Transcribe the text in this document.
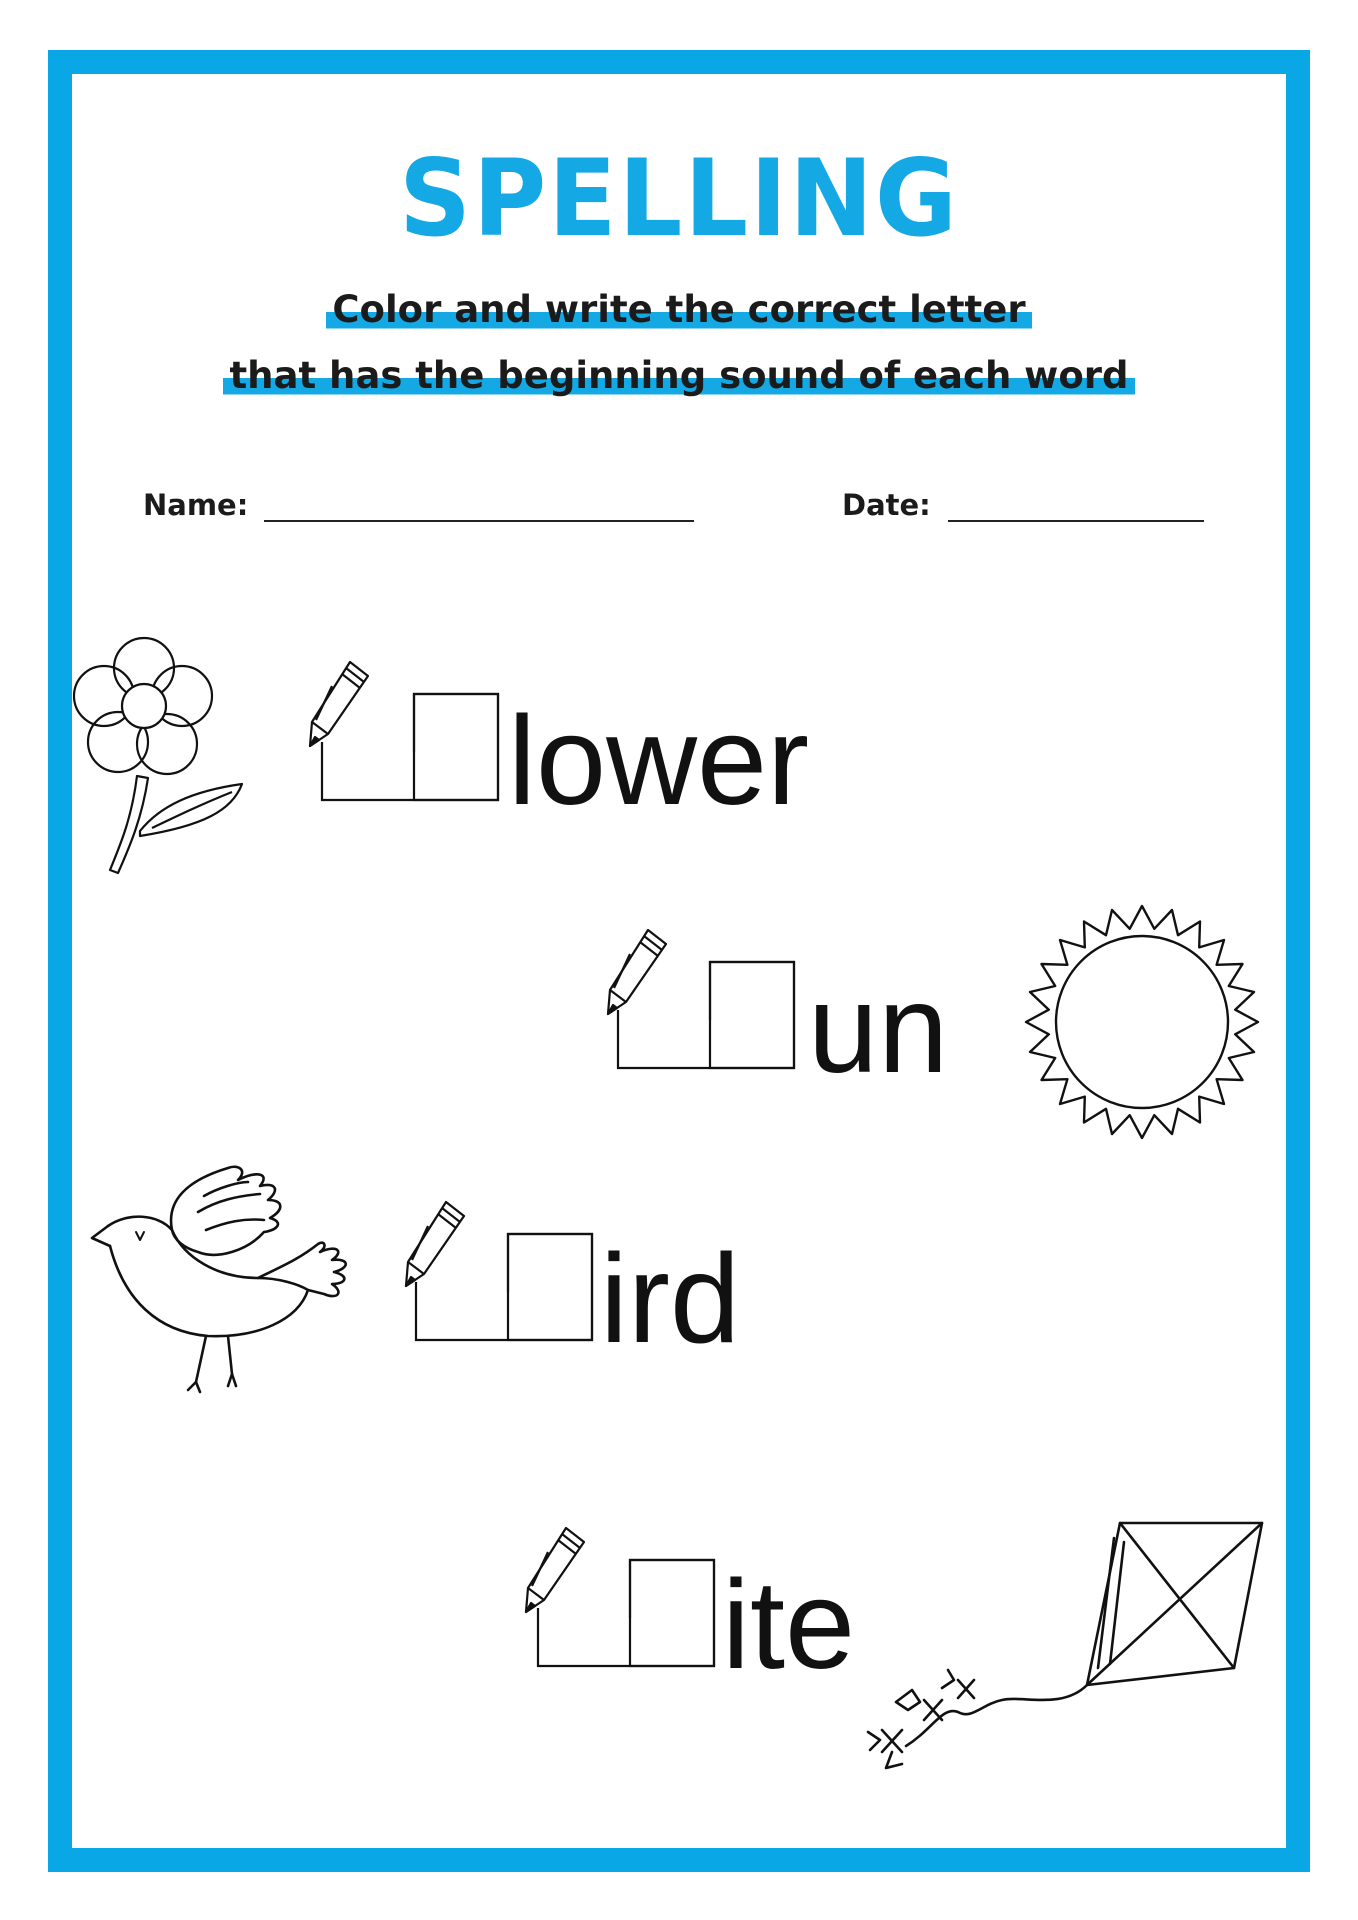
SPELLING
Color and write the correct letter
that has the beginning sound of each word
Name:	Date:
lower
un
ird
ite
